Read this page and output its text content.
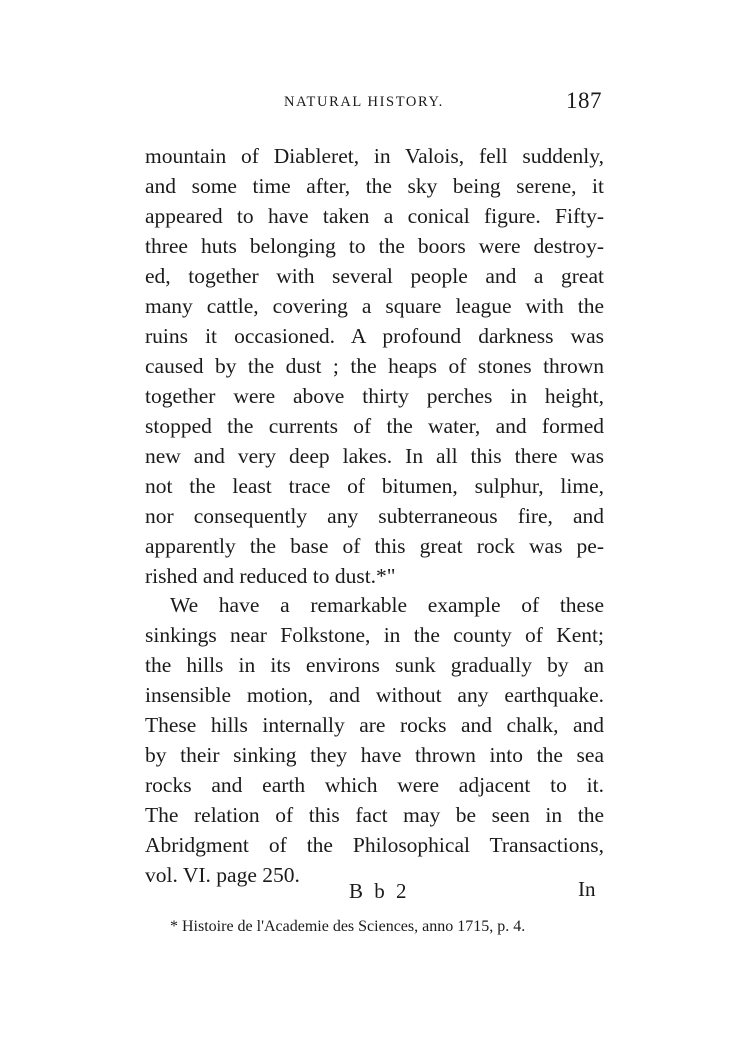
NATURAL HISTORY.	187
mountain of Diableret, in Valois, fell suddenly,
and some time after, the sky being serene, it
appeared to have taken a conical figure. Fifty-
three huts belonging to the boors were destroy-
ed, together with several people and a great
many cattle, covering a square league with the
ruins it occasioned. A profound darkness was
caused by the dust ; the heaps of stones thrown
together were above thirty perches in height,
stopped the currents of the water, and formed
new and very deep lakes. In all this there was
not the least trace of bitumen, sulphur, lime,
nor consequently any subterraneous fire, and
apparently the base of this great rock was pe-
rished and reduced to dust.*"
We have a remarkable example of these
sinkings near Folkstone, in the county of Kent;
the hills in its environs sunk gradually by an
insensible motion, and without any earthquake.
These hills internally are rocks and chalk, and
by their sinking they have thrown into the sea
rocks and earth which were adjacent to it.
The relation of this fact may be seen in the
Abridgment of the Philosophical Transactions,
vol. VI. page 250.
B b 2	In
* Histoire de l'Academie des Sciences, anno 1715, p. 4.
